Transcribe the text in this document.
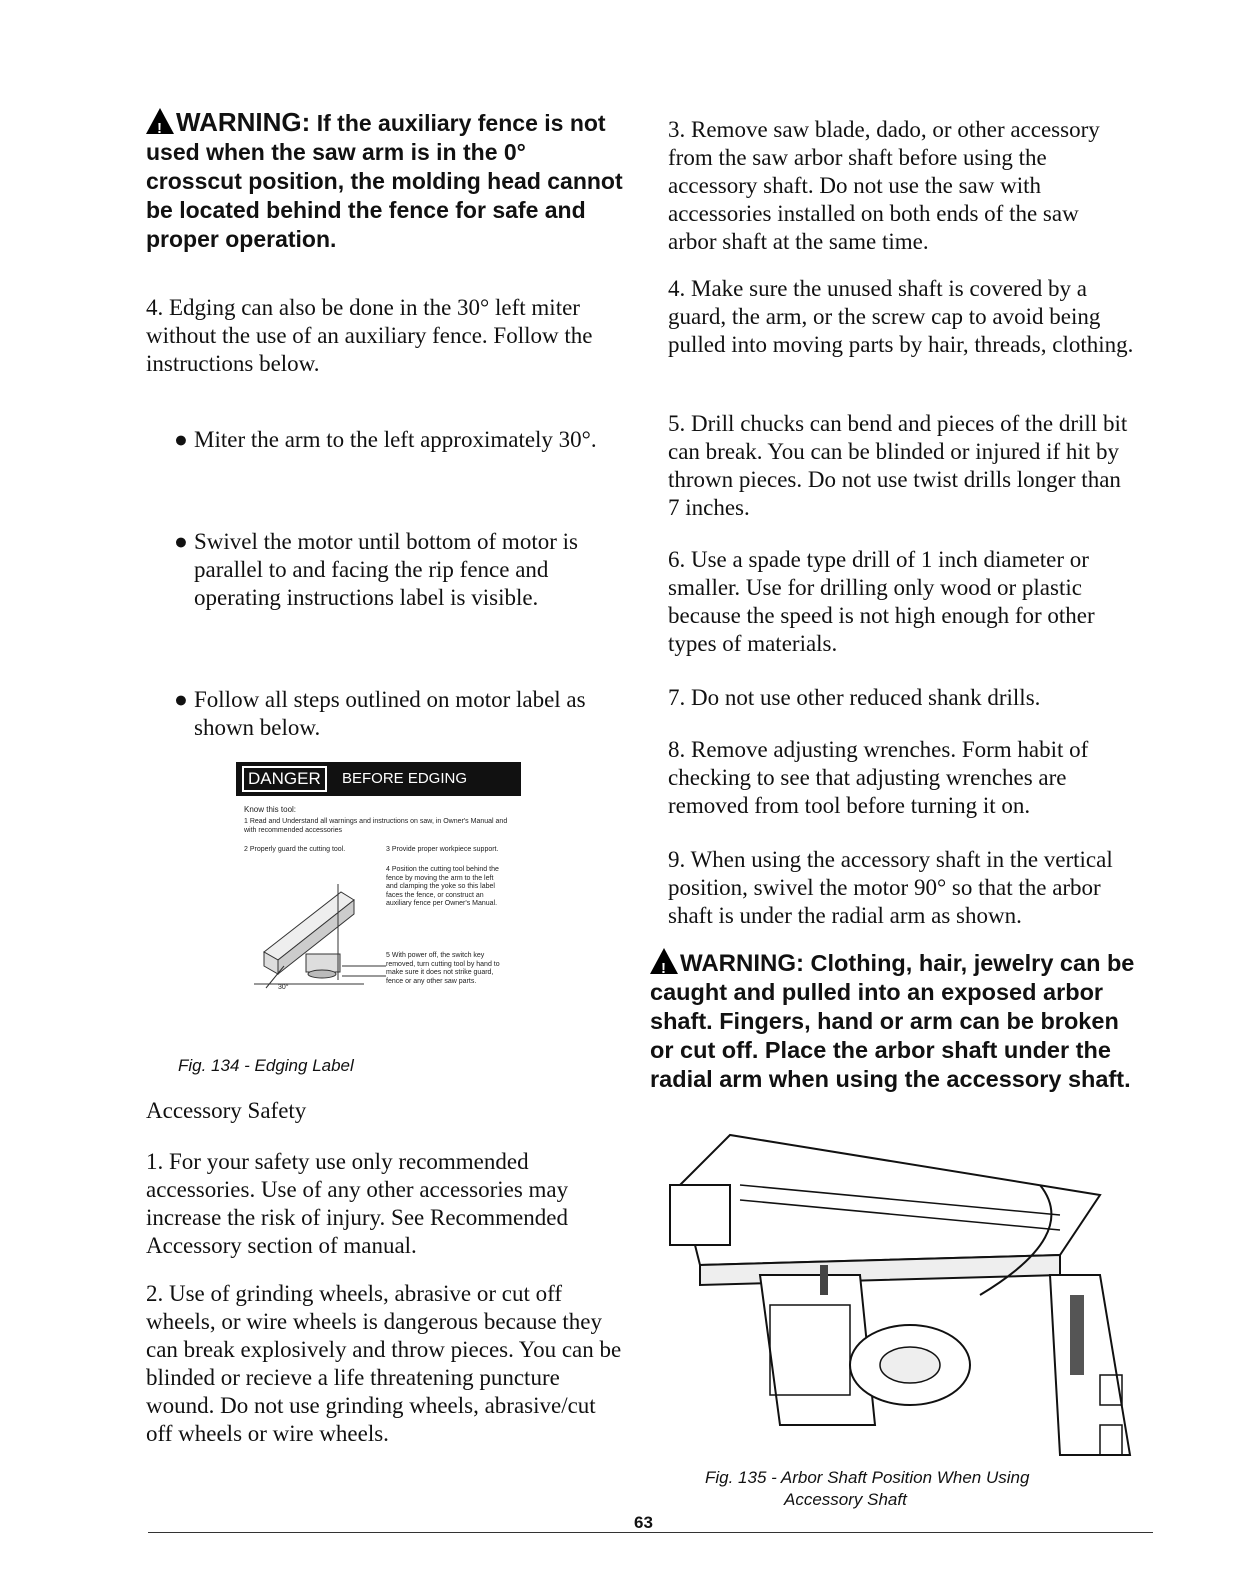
!WARNING: If the auxiliary fence is not used when the saw arm is in the 0° crosscut position, the molding head cannot be located behind the fence for safe and proper operation.
4. Edging can also be done in the 30° left miter without the use of an auxiliary fence. Follow the instructions below.
● Miter the arm to the left approximately 30°.
● Swivel the motor until bottom of motor is parallel to and facing the rip fence and operating instructions label is visible.
● Follow all steps outlined on motor label as shown below.
DANGER	BEFORE EDGING
Know this tool:
1 Read and Understand all warnings and instructions on saw, in Owner's Manual and with recommended accessories
2 Properly guard the cutting tool.	3 Provide proper workpiece support.
4 Position the cutting tool behind the fence by moving the arm to the left and clamping the yoke so this label faces the fence, or construct an auxiliary fence per Owner's Manual.
5 With power off, the switch key removed, turn cutting tool by hand to make sure it does not strike guard, fence or any other saw parts.
30°
Fig. 134 - Edging Label
Accessory Safety
1. For your safety use only recommended accessories. Use of any other accessories may increase the risk of injury. See Recommended Accessory section of manual.
2. Use of grinding wheels, abrasive or cut off wheels, or wire wheels is dangerous because they can break explosively and throw pieces. You can be blinded or recieve a life threatening puncture wound. Do not use grinding wheels, abrasive/cut off wheels or wire wheels.
3. Remove saw blade, dado, or other accessory from the saw arbor shaft before using the accessory shaft. Do not use the saw with accessories installed on both ends of the saw arbor shaft at the same time.
4. Make sure the unused shaft is covered by a guard, the arm, or the screw cap to avoid being pulled into moving parts by hair, threads, clothing.
5. Drill chucks can bend and pieces of the drill bit can break. You can be blinded or injured if hit by thrown pieces. Do not use twist drills longer than 7 inches.
6. Use a spade type drill of 1 inch diameter or smaller. Use for drilling only wood or plastic because the speed is not high enough for other types of materials.
7. Do not use other reduced shank drills.
8. Remove adjusting wrenches. Form habit of checking to see that adjusting wrenches are removed from tool before turning it on.
9. When using the accessory shaft in the vertical position, swivel the motor 90° so that the arbor shaft is under the radial arm as shown.
!WARNING: Clothing, hair, jewelry can be caught and pulled into an exposed arbor shaft. Fingers, hand or arm can be broken or cut off. Place the arbor shaft under the radial arm when using the accessory shaft.
Fig. 135 - Arbor Shaft Position When Using
Accessory Shaft
63
